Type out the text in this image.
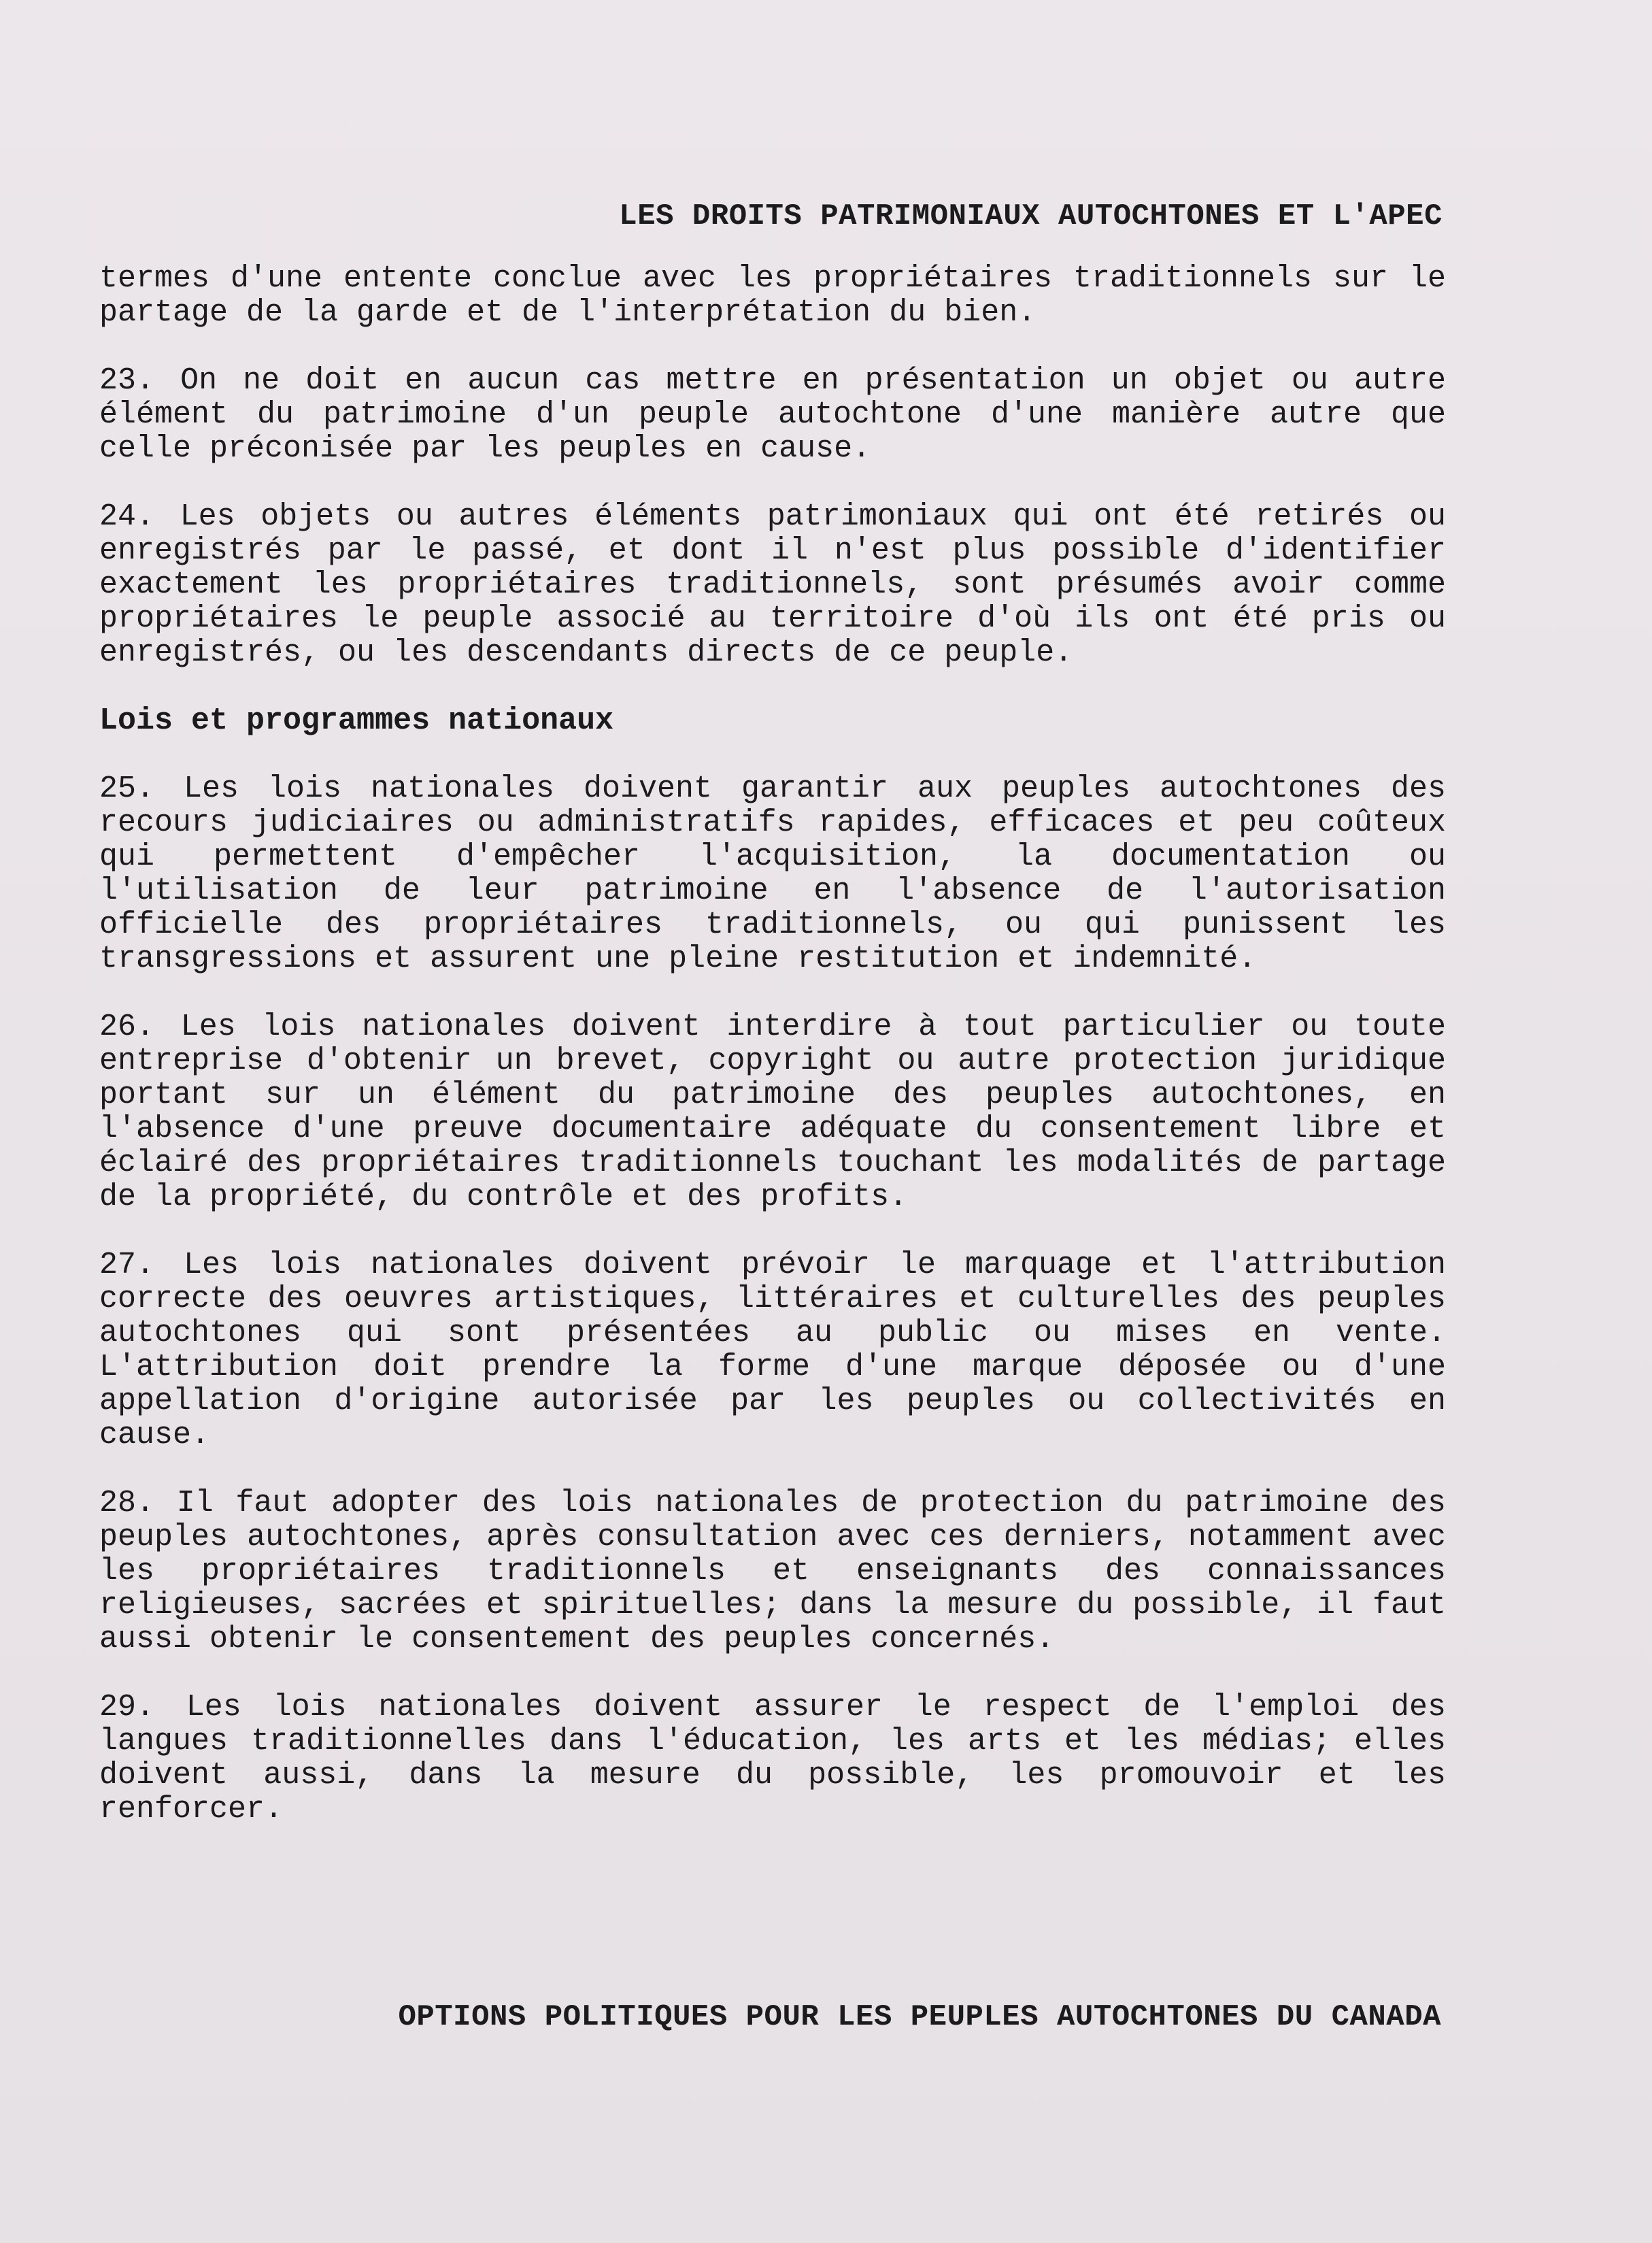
LES DROITS PATRIMONIAUX AUTOCHTONES ET L'APEC

termes d'une entente conclue avec les propriétaires traditionnels sur le partage de la garde et de l'interprétation du bien.

23. On ne doit en aucun cas mettre en présentation un objet ou autre élément du patrimoine d'un peuple autochtone d'une manière autre que celle préconisée par les peuples en cause.

24. Les objets ou autres éléments patrimoniaux qui ont été retirés ou enregistrés par le passé, et dont il n'est plus possible d'identifier exactement les propriétaires traditionnels, sont présumés avoir comme propriétaires le peuple associé au territoire d'où ils ont été pris ou enregistrés, ou les descendants directs de ce peuple.

Lois et programmes nationaux

25. Les lois nationales doivent garantir aux peuples autochtones des recours judiciaires ou administratifs rapides, efficaces et peu coûteux qui permettent d'empêcher l'acquisition, la documentation ou l'utilisation de leur patrimoine en l'absence de l'autorisation officielle des propriétaires traditionnels, ou qui punissent les transgressions et assurent une pleine restitution et indemnité.

26. Les lois nationales doivent interdire à tout particulier ou toute entreprise d'obtenir un brevet, copyright ou autre protection juridique portant sur un élément du patrimoine des peuples autochtones, en l'absence d'une preuve documentaire adéquate du consentement libre et éclairé des propriétaires traditionnels touchant les modalités de partage de la propriété, du contrôle et des profits.

27. Les lois nationales doivent prévoir le marquage et l'attribution correcte des oeuvres artistiques, littéraires et culturelles des peuples autochtones qui sont présentées au public ou mises en vente. L'attribution doit prendre la forme d'une marque déposée ou d'une appellation d'origine autorisée par les peuples ou collectivités en cause.

28. Il faut adopter des lois nationales de protection du patrimoine des peuples autochtones, après consultation avec ces derniers, notamment avec les propriétaires traditionnels et enseignants des connaissances religieuses, sacrées et spirituelles; dans la mesure du possible, il faut aussi obtenir le consentement des peuples concernés.

29. Les lois nationales doivent assurer le respect de l'emploi des langues traditionnelles dans l'éducation, les arts et les médias; elles doivent aussi, dans la mesure du possible, les promouvoir et les renforcer.

OPTIONS POLITIQUES POUR LES PEUPLES AUTOCHTONES DU CANADA
